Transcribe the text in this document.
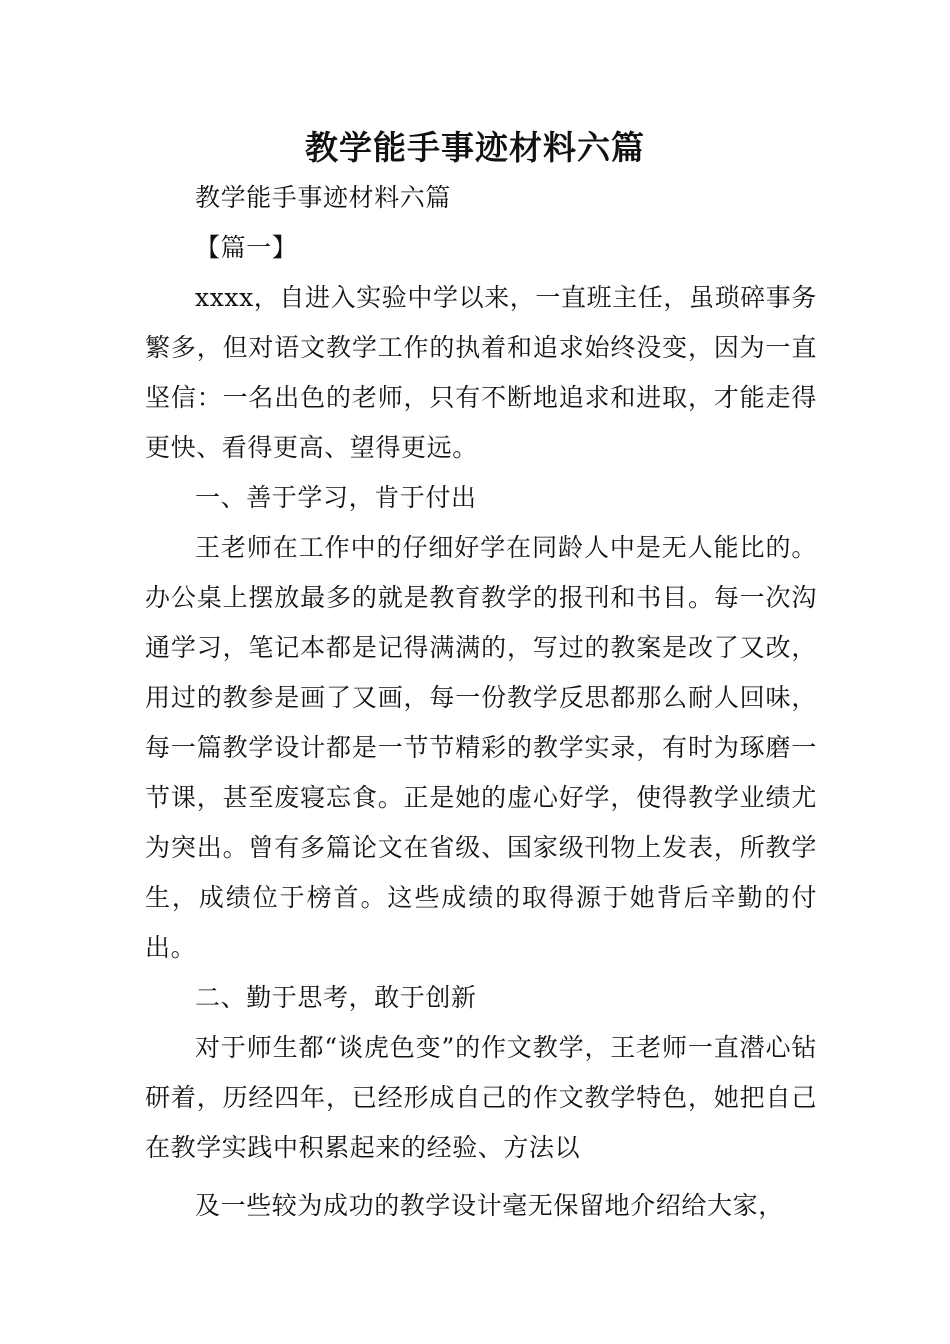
教学能手事迹材料六篇

教学能手事迹材料六篇

【篇一】

xxxx，自进入实验中学以来，一直班主任，虽琐碎事务繁多，但对语文教学工作的执着和追求始终没变，因为一直坚信：一名出色的老师，只有不断地追求和进取，才能走得更快、看得更高、望得更远。

一、善于学习，肯于付出

王老师在工作中的仔细好学在同龄人中是无人能比的。办公桌上摆放最多的就是教育教学的报刊和书目。每一次沟通学习，笔记本都是记得满满的，写过的教案是改了又改，用过的教参是画了又画，每一份教学反思都那么耐人回味，每一篇教学设计都是一节节精彩的教学实录，有时为琢磨一节课，甚至废寝忘食。正是她的虚心好学，使得教学业绩尤为突出。曾有多篇论文在省级、国家级刊物上发表，所教学生，成绩位于榜首。这些成绩的取得源于她背后辛勤的付出。

二、勤于思考，敢于创新

对于师生都“谈虎色变”的作文教学，王老师一直潜心钻研着，历经四年，已经形成自己的作文教学特色，她把自己在教学实践中积累起来的经验、方法以

及一些较为成功的教学设计毫无保留地介绍给大家，
